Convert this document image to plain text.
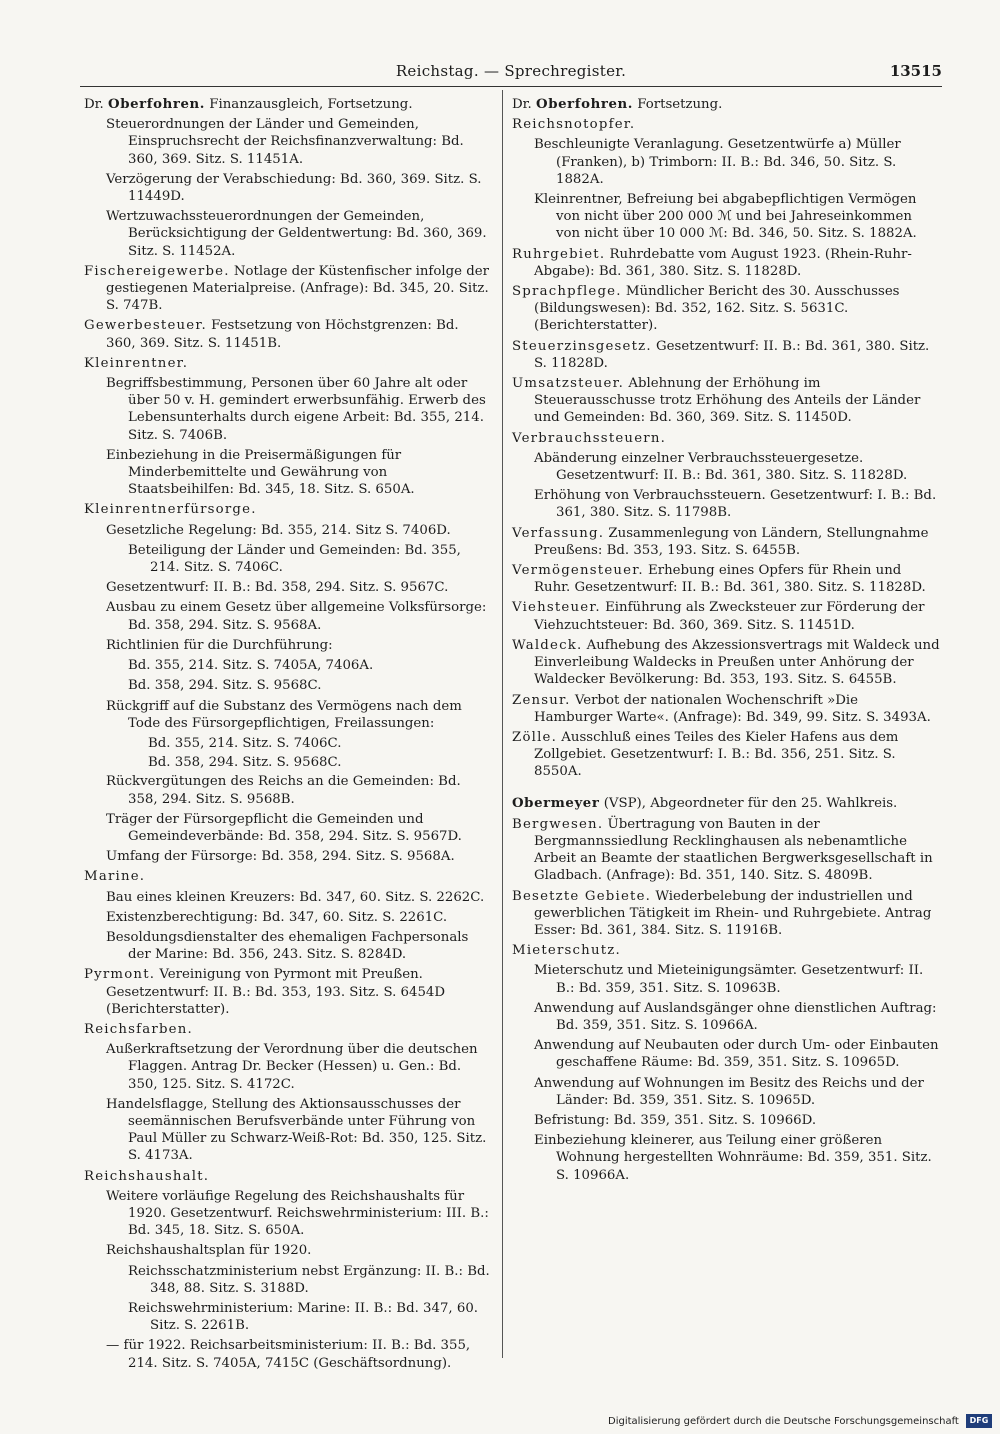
Reichstag. — Sprechregister.	13515

Dr. Oberfohren. Finanzausgleich, Fortsetzung.

Steuerordnungen der Länder und Gemeinden, Einspruchsrecht der Reichsfinanzverwaltung: Bd. 360, 369. Sitz. S. 11451A.

Verzögerung der Verabschiedung: Bd. 360, 369. Sitz. S. 11449D.

Wertzuwachssteuerordnungen der Gemeinden, Berücksichtigung der Geldentwertung: Bd. 360, 369. Sitz. S. 11452A.

Fischereigewerbe. Notlage der Küstenfischer infolge der gestiegenen Materialpreise. (Anfrage): Bd. 345, 20. Sitz. S. 747B.

Gewerbesteuer. Festsetzung von Höchstgrenzen: Bd. 360, 369. Sitz. S. 11451B.

Kleinrentner.

Begriffsbestimmung, Personen über 60 Jahre alt oder über 50 v. H. gemindert erwerbsunfähig. Erwerb des Lebensunterhalts durch eigene Arbeit: Bd. 355, 214. Sitz. S. 7406B.

Einbeziehung in die Preisermäßigungen für Minderbemittelte und Gewährung von Staatsbeihilfen: Bd. 345, 18. Sitz. S. 650A.

Kleinrentnerfürsorge.

Gesetzliche Regelung: Bd. 355, 214. Sitz S. 7406D.

Beteiligung der Länder und Gemeinden: Bd. 355, 214. Sitz. S. 7406C.

Gesetzentwurf: II. B.: Bd. 358, 294. Sitz. S. 9567C.

Ausbau zu einem Gesetz über allgemeine Volksfürsorge: Bd. 358, 294. Sitz. S. 9568A.

Richtlinien für die Durchführung:

Bd. 355, 214. Sitz. S. 7405A, 7406A.

Bd. 358, 294. Sitz. S. 9568C.

Rückgriff auf die Substanz des Vermögens nach dem Tode des Fürsorgepflichtigen, Freilassungen:

Bd. 355, 214. Sitz. S. 7406C.

Bd. 358, 294. Sitz. S. 9568C.

Rückvergütungen des Reichs an die Gemeinden: Bd. 358, 294. Sitz. S. 9568B.

Träger der Fürsorgepflicht die Gemeinden und Gemeindeverbände: Bd. 358, 294. Sitz. S. 9567D.

Umfang der Fürsorge: Bd. 358, 294. Sitz. S. 9568A.

Marine.

Bau eines kleinen Kreuzers: Bd. 347, 60. Sitz. S. 2262C.

Existenzberechtigung: Bd. 347, 60. Sitz. S. 2261C.

Besoldungsdienstalter des ehemaligen Fachpersonals der Marine: Bd. 356, 243. Sitz. S. 8284D.

Pyrmont. Vereinigung von Pyrmont mit Preußen. Gesetzentwurf: II. B.: Bd. 353, 193. Sitz. S. 6454D (Berichterstatter).

Reichsfarben.

Außerkraftsetzung der Verordnung über die deutschen Flaggen. Antrag Dr. Becker (Hessen) u. Gen.: Bd. 350, 125. Sitz. S. 4172C.

Handelsflagge, Stellung des Aktionsausschusses der seemännischen Berufsverbände unter Führung von Paul Müller zu Schwarz-Weiß-Rot: Bd. 350, 125. Sitz. S. 4173A.

Reichshaushalt.

Weitere vorläufige Regelung des Reichshaushalts für 1920. Gesetzentwurf. Reichswehrministerium: III. B.: Bd. 345, 18. Sitz. S. 650A.

Reichshaushaltsplan für 1920.

Reichsschatzministerium nebst Ergänzung: II. B.: Bd. 348, 88. Sitz. S. 3188D.

Reichswehrministerium: Marine: II. B.: Bd. 347, 60. Sitz. S. 2261B.

— für 1922. Reichsarbeitsministerium: II. B.: Bd. 355, 214. Sitz. S. 7405A, 7415C (Geschäftsordnung).

Dr. Oberfohren. Fortsetzung.

Reichsnotopfer.

Beschleunigte Veranlagung. Gesetzentwürfe a) Müller (Franken), b) Trimborn: II. B.: Bd. 346, 50. Sitz. S. 1882A.

Kleinrentner, Befreiung bei abgabepflichtigen Vermögen von nicht über 200 000 ℳ und bei Jahreseinkommen von nicht über 10 000 ℳ: Bd. 346, 50. Sitz. S. 1882A.

Ruhrgebiet. Ruhrdebatte vom August 1923. (Rhein-Ruhr-Abgabe): Bd. 361, 380. Sitz. S. 11828D.

Sprachpflege. Mündlicher Bericht des 30. Ausschusses (Bildungswesen): Bd. 352, 162. Sitz. S. 5631C. (Berichterstatter).

Steuerzinsgesetz. Gesetzentwurf: II. B.: Bd. 361, 380. Sitz. S. 11828D.

Umsatzsteuer. Ablehnung der Erhöhung im Steuerausschusse trotz Erhöhung des Anteils der Länder und Gemeinden: Bd. 360, 369. Sitz. S. 11450D.

Verbrauchssteuern.

Abänderung einzelner Verbrauchssteuergesetze. Gesetzentwurf: II. B.: Bd. 361, 380. Sitz. S. 11828D.

Erhöhung von Verbrauchssteuern. Gesetzentwurf: I. B.: Bd. 361, 380. Sitz. S. 11798B.

Verfassung. Zusammenlegung von Ländern, Stellungnahme Preußens: Bd. 353, 193. Sitz. S. 6455B.

Vermögensteuer. Erhebung eines Opfers für Rhein und Ruhr. Gesetzentwurf: II. B.: Bd. 361, 380. Sitz. S. 11828D.

Viehsteuer. Einführung als Zwecksteuer zur Förderung der Viehzuchtsteuer: Bd. 360, 369. Sitz. S. 11451D.

Waldeck. Aufhebung des Akzessionsvertrags mit Waldeck und Einverleibung Waldecks in Preußen unter Anhörung der Waldecker Bevölkerung: Bd. 353, 193. Sitz. S. 6455B.

Zensur. Verbot der nationalen Wochenschrift »Die Hamburger Warte«. (Anfrage): Bd. 349, 99. Sitz. S. 3493A.

Zölle. Ausschluß eines Teiles des Kieler Hafens aus dem Zollgebiet. Gesetzentwurf: I. B.: Bd. 356, 251. Sitz. S. 8550A.

Obermeyer (VSP), Abgeordneter für den 25. Wahlkreis.

Bergwesen. Übertragung von Bauten in der Bergmannssiedlung Recklinghausen als nebenamtliche Arbeit an Beamte der staatlichen Bergwerksgesellschaft in Gladbach. (Anfrage): Bd. 351, 140. Sitz. S. 4809B.

Besetzte Gebiete. Wiederbelebung der industriellen und gewerblichen Tätigkeit im Rhein- und Ruhrgebiete. Antrag Esser: Bd. 361, 384. Sitz. S. 11916B.

Mieterschutz.

Mieterschutz und Mieteinigungsämter. Gesetzentwurf: II. B.: Bd. 359, 351. Sitz. S. 10963B.

Anwendung auf Auslandsgänger ohne dienstlichen Auftrag: Bd. 359, 351. Sitz. S. 10966A.

Anwendung auf Neubauten oder durch Um- oder Einbauten geschaffene Räume: Bd. 359, 351. Sitz. S. 10965D.

Anwendung auf Wohnungen im Besitz des Reichs und der Länder: Bd. 359, 351. Sitz. S. 10965D.

Befristung: Bd. 359, 351. Sitz. S. 10966D.

Einbeziehung kleinerer, aus Teilung einer größeren Wohnung hergestellten Wohnräume: Bd. 359, 351. Sitz. S. 10966A.

Digitalisierung gefördert durch die Deutsche Forschungsgemeinschaft	DFG
